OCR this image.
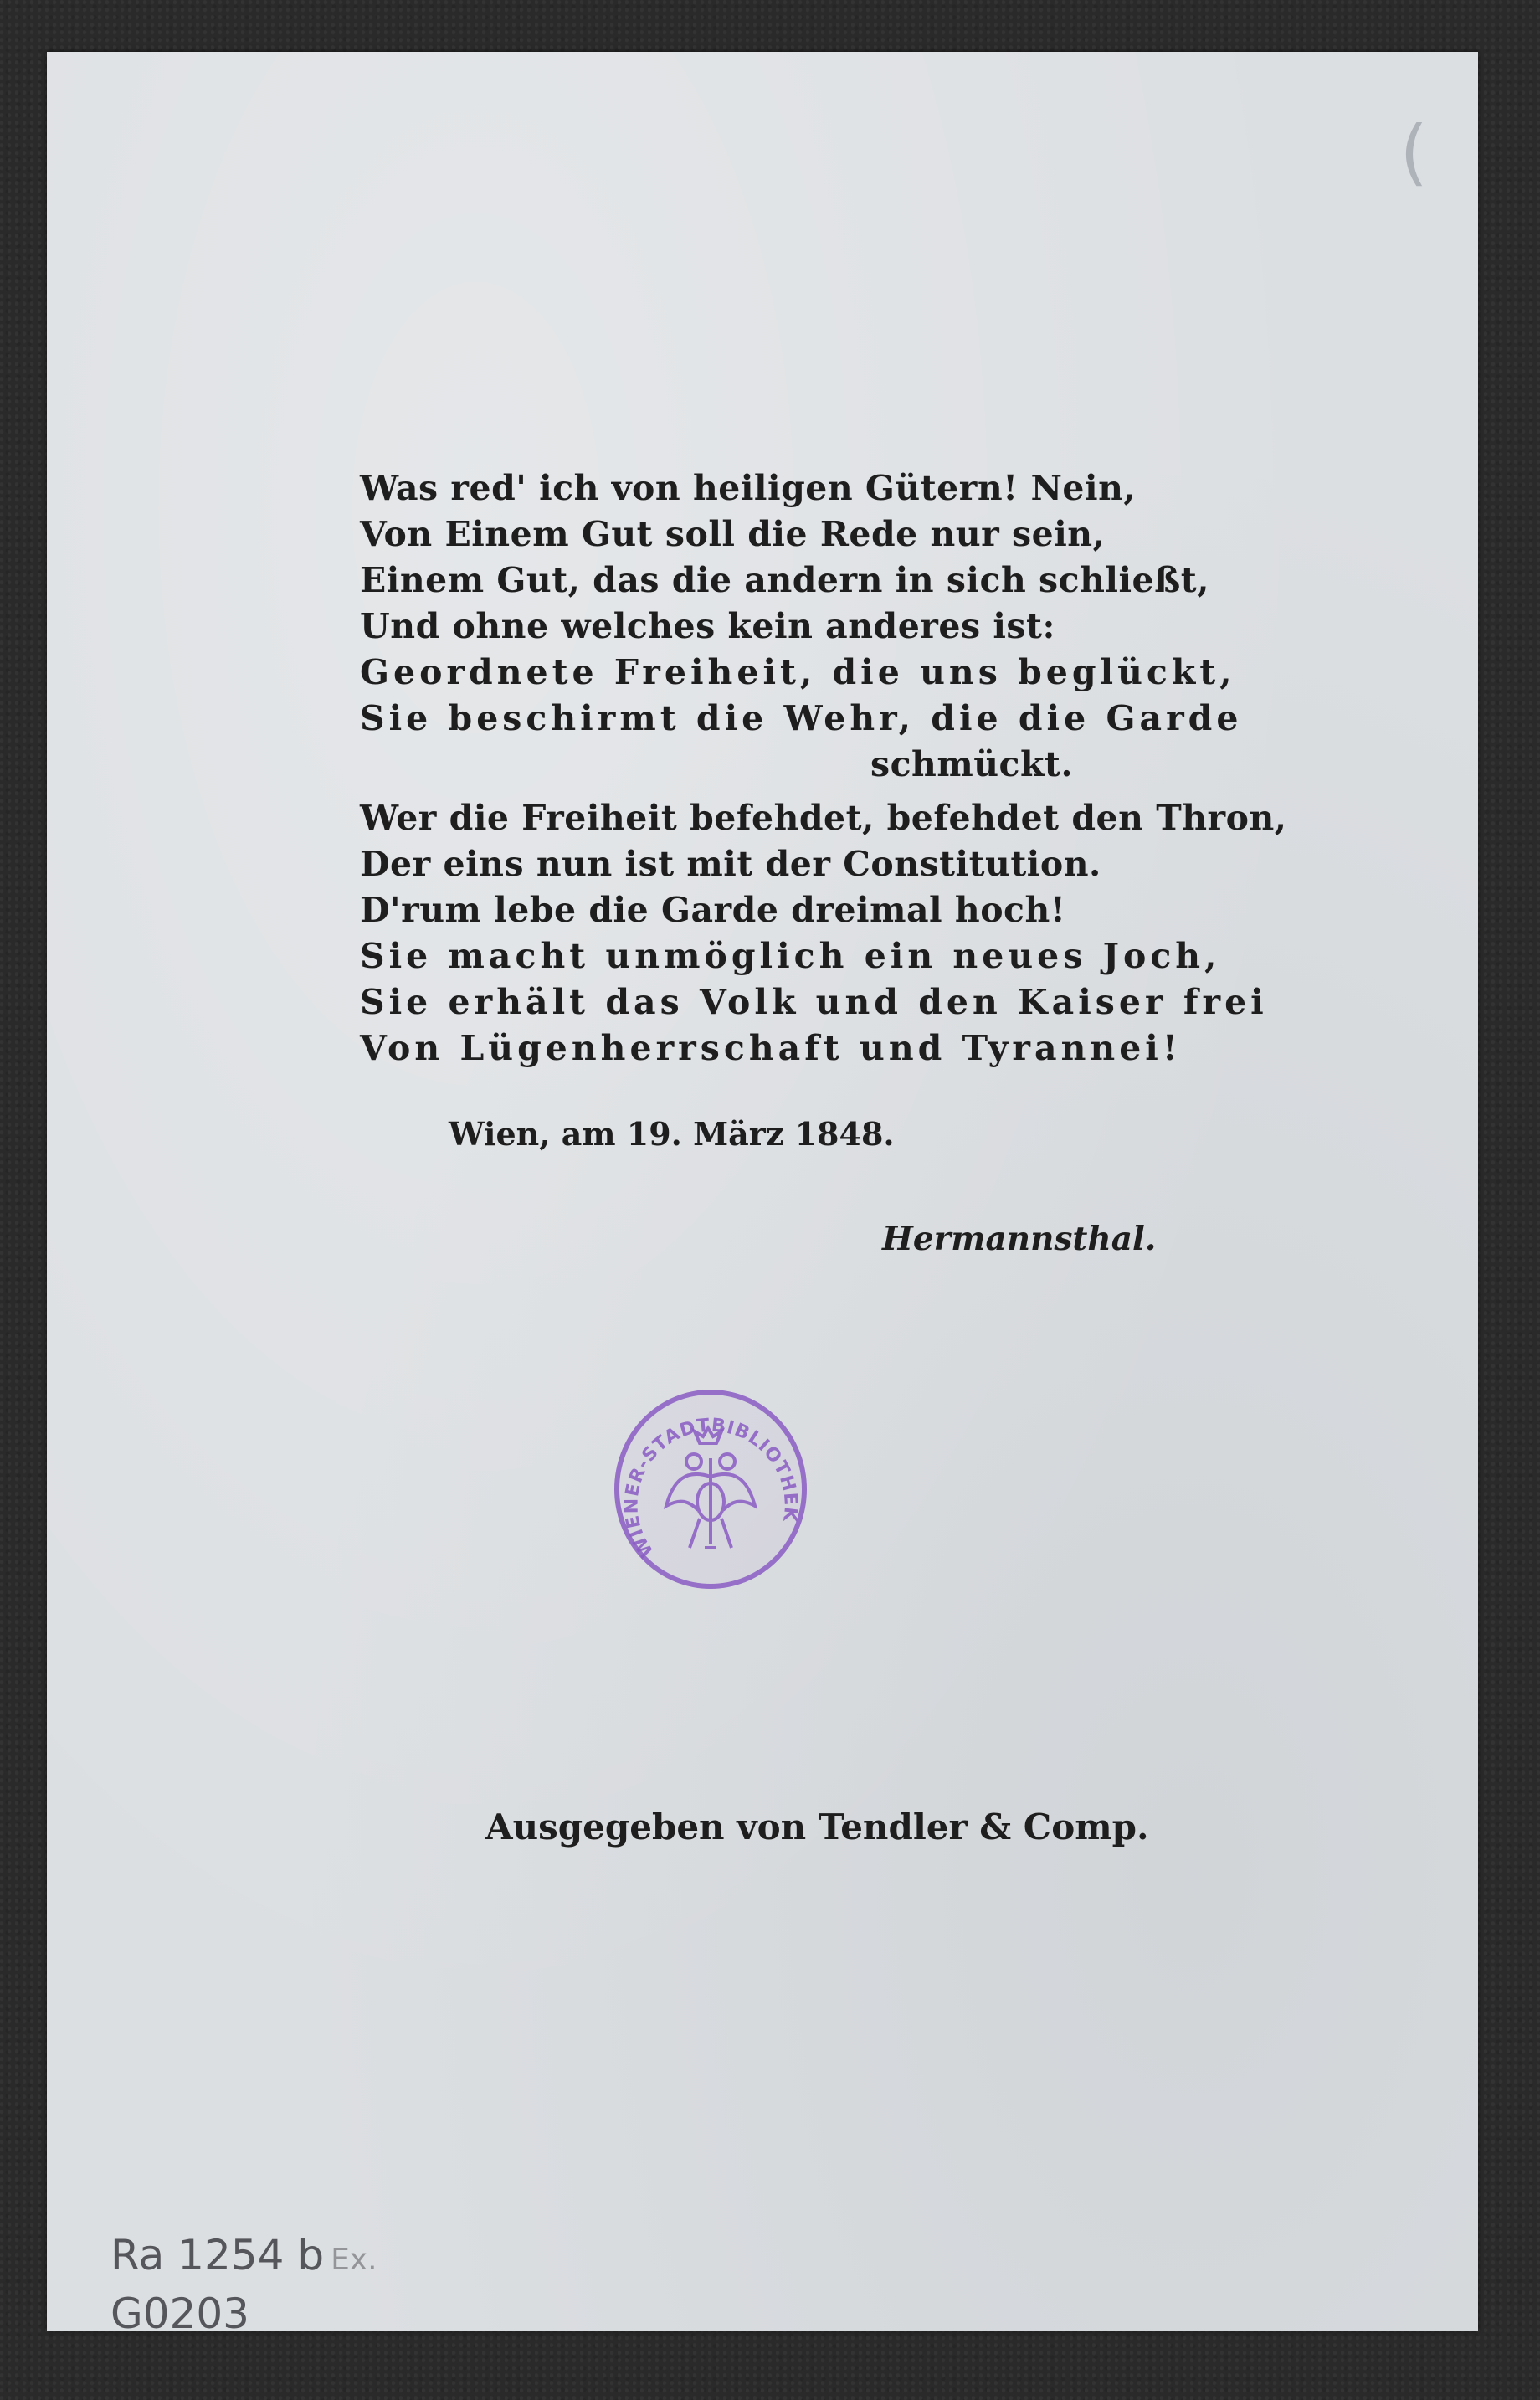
(
Was red' ich von heiligen Gütern! Nein,
Von Einem Gut soll die Rede nur sein,
Einem Gut, das die andern in sich schließt,
Und ohne welches kein anderes ist:
Geordnete Freiheit, die uns beglückt,
Sie beschirmt die Wehr, die die Garde
schmückt.
Wer die Freiheit befehdet, befehdet den Thron,
Der eins nun ist mit der Constitution.
D'rum lebe die Garde dreimal hoch!
Sie macht unmöglich ein neues Joch,
Sie erhält das Volk und den Kaiser frei
Von Lügenherrschaft und Tyrannei!
Wien, am 19. März 1848.
Hermannsthal.
WIENER-STADTBIBLIOTHEK
Ausgegeben von Tendler & Comp.
Ra 1254 b Ex.
G0203
